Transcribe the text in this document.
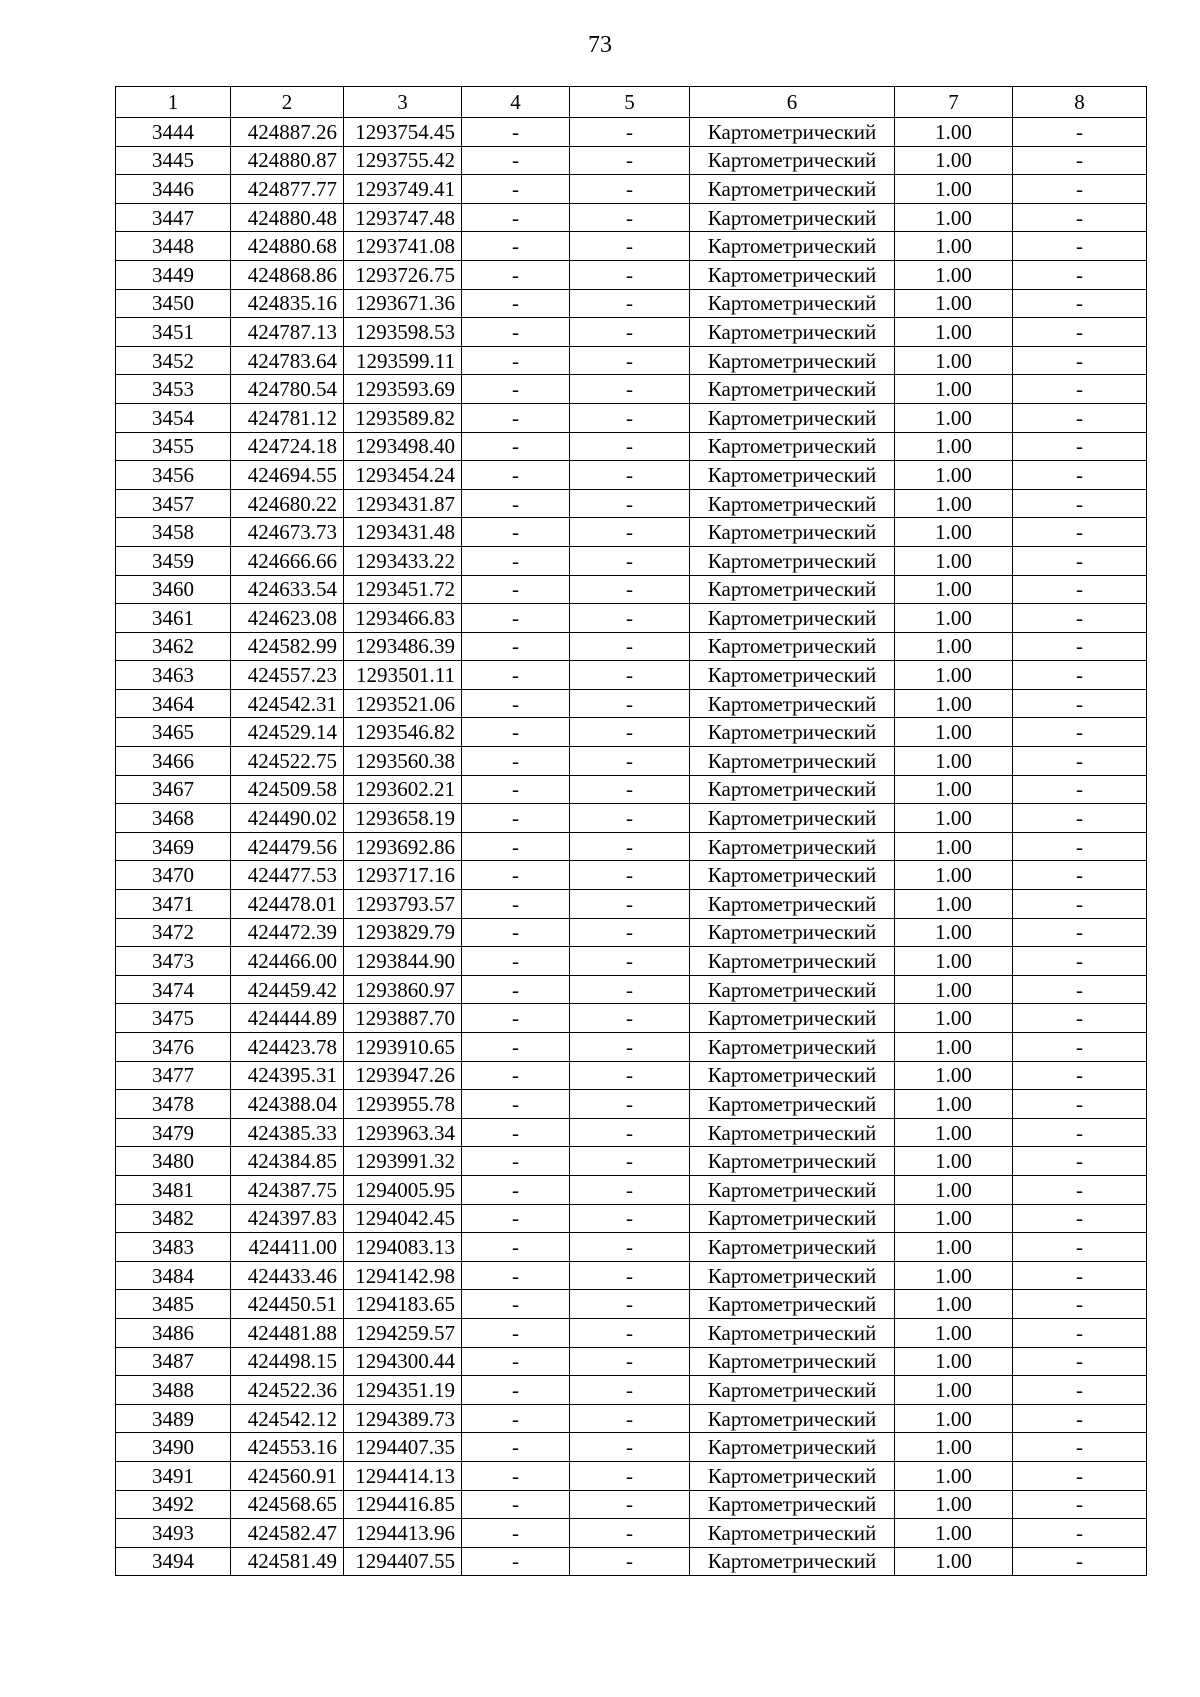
73
1	2	3	4	5	6	7	8
3444	424887.26	1293754.45	-	-	Картометрический	1.00	-
3445	424880.87	1293755.42	-	-	Картометрический	1.00	-
3446	424877.77	1293749.41	-	-	Картометрический	1.00	-
3447	424880.48	1293747.48	-	-	Картометрический	1.00	-
3448	424880.68	1293741.08	-	-	Картометрический	1.00	-
3449	424868.86	1293726.75	-	-	Картометрический	1.00	-
3450	424835.16	1293671.36	-	-	Картометрический	1.00	-
3451	424787.13	1293598.53	-	-	Картометрический	1.00	-
3452	424783.64	1293599.11	-	-	Картометрический	1.00	-
3453	424780.54	1293593.69	-	-	Картометрический	1.00	-
3454	424781.12	1293589.82	-	-	Картометрический	1.00	-
3455	424724.18	1293498.40	-	-	Картометрический	1.00	-
3456	424694.55	1293454.24	-	-	Картометрический	1.00	-
3457	424680.22	1293431.87	-	-	Картометрический	1.00	-
3458	424673.73	1293431.48	-	-	Картометрический	1.00	-
3459	424666.66	1293433.22	-	-	Картометрический	1.00	-
3460	424633.54	1293451.72	-	-	Картометрический	1.00	-
3461	424623.08	1293466.83	-	-	Картометрический	1.00	-
3462	424582.99	1293486.39	-	-	Картометрический	1.00	-
3463	424557.23	1293501.11	-	-	Картометрический	1.00	-
3464	424542.31	1293521.06	-	-	Картометрический	1.00	-
3465	424529.14	1293546.82	-	-	Картометрический	1.00	-
3466	424522.75	1293560.38	-	-	Картометрический	1.00	-
3467	424509.58	1293602.21	-	-	Картометрический	1.00	-
3468	424490.02	1293658.19	-	-	Картометрический	1.00	-
3469	424479.56	1293692.86	-	-	Картометрический	1.00	-
3470	424477.53	1293717.16	-	-	Картометрический	1.00	-
3471	424478.01	1293793.57	-	-	Картометрический	1.00	-
3472	424472.39	1293829.79	-	-	Картометрический	1.00	-
3473	424466.00	1293844.90	-	-	Картометрический	1.00	-
3474	424459.42	1293860.97	-	-	Картометрический	1.00	-
3475	424444.89	1293887.70	-	-	Картометрический	1.00	-
3476	424423.78	1293910.65	-	-	Картометрический	1.00	-
3477	424395.31	1293947.26	-	-	Картометрический	1.00	-
3478	424388.04	1293955.78	-	-	Картометрический	1.00	-
3479	424385.33	1293963.34	-	-	Картометрический	1.00	-
3480	424384.85	1293991.32	-	-	Картометрический	1.00	-
3481	424387.75	1294005.95	-	-	Картометрический	1.00	-
3482	424397.83	1294042.45	-	-	Картометрический	1.00	-
3483	424411.00	1294083.13	-	-	Картометрический	1.00	-
3484	424433.46	1294142.98	-	-	Картометрический	1.00	-
3485	424450.51	1294183.65	-	-	Картометрический	1.00	-
3486	424481.88	1294259.57	-	-	Картометрический	1.00	-
3487	424498.15	1294300.44	-	-	Картометрический	1.00	-
3488	424522.36	1294351.19	-	-	Картометрический	1.00	-
3489	424542.12	1294389.73	-	-	Картометрический	1.00	-
3490	424553.16	1294407.35	-	-	Картометрический	1.00	-
3491	424560.91	1294414.13	-	-	Картометрический	1.00	-
3492	424568.65	1294416.85	-	-	Картометрический	1.00	-
3493	424582.47	1294413.96	-	-	Картометрический	1.00	-
3494	424581.49	1294407.55	-	-	Картометрический	1.00	-
